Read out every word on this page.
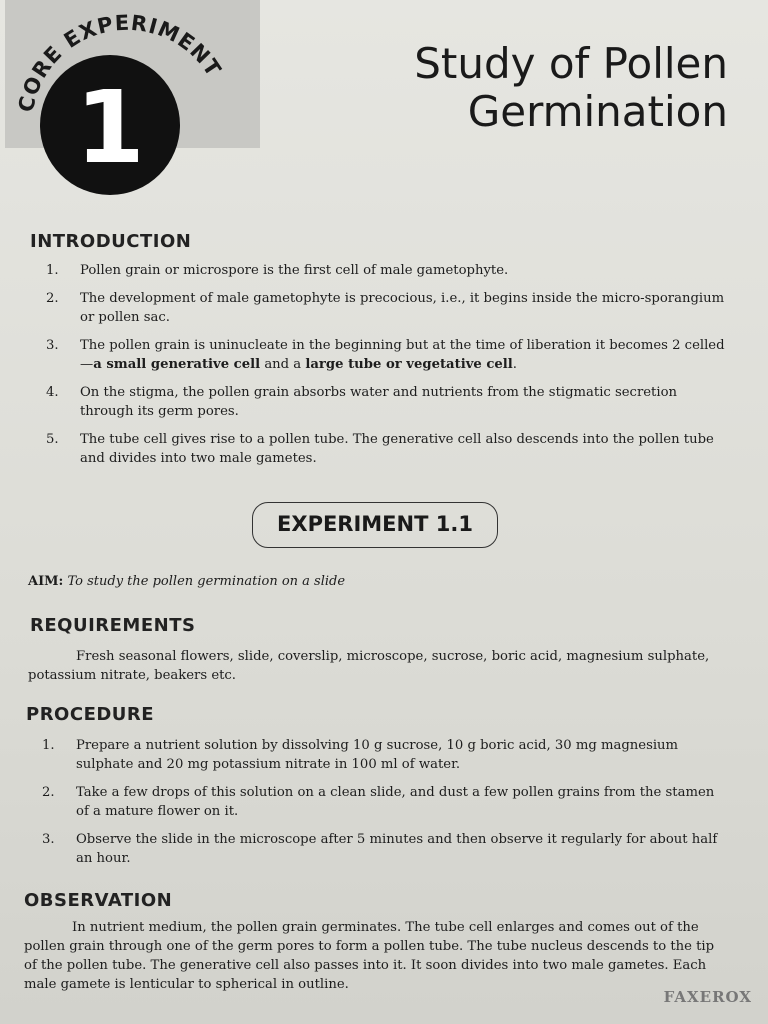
1
CORE EXPERIMENT	Study of Pollen
Germination
INTRODUCTION
1. Pollen grain or microspore is the first cell of male gametophyte.
2. The development of male gametophyte is precocious, i.e., it begins inside the micro-sporangium or pollen sac.
3. The pollen grain is uninucleate in the beginning but at the time of liberation it becomes 2 celled—a small generative cell and a large tube or vegetative cell.
4. On the stigma, the pollen grain absorbs water and nutrients from the stigmatic secretion through its germ pores.
5. The tube cell gives rise to a pollen tube. The generative cell also descends into the pollen tube and divides into two male gametes.
EXPERIMENT 1.1
AIM: To study the pollen germination on a slide
REQUIREMENTS
Fresh seasonal flowers, slide, coverslip, microscope, sucrose, boric acid, magnesium sulphate, potassium nitrate, beakers etc.
PROCEDURE
1. Prepare a nutrient solution by dissolving 10 g sucrose, 10 g boric acid, 30 mg magnesium sulphate and 20 mg potassium nitrate in 100 ml of water.
2. Take a few drops of this solution on a clean slide, and dust a few pollen grains from the stamen of a mature flower on it.
3. Observe the slide in the microscope after 5 minutes and then observe it regularly for about half an hour.
OBSERVATION
In nutrient medium, the pollen grain germinates. The tube cell enlarges and comes out of the pollen grain through one of the germ pores to form a pollen tube. The tube nucleus descends to the tip of the pollen tube. The generative cell also passes into it. It soon divides into two male gametes. Each male gamete is lenticular to spherical in outline.
FAXEROX
